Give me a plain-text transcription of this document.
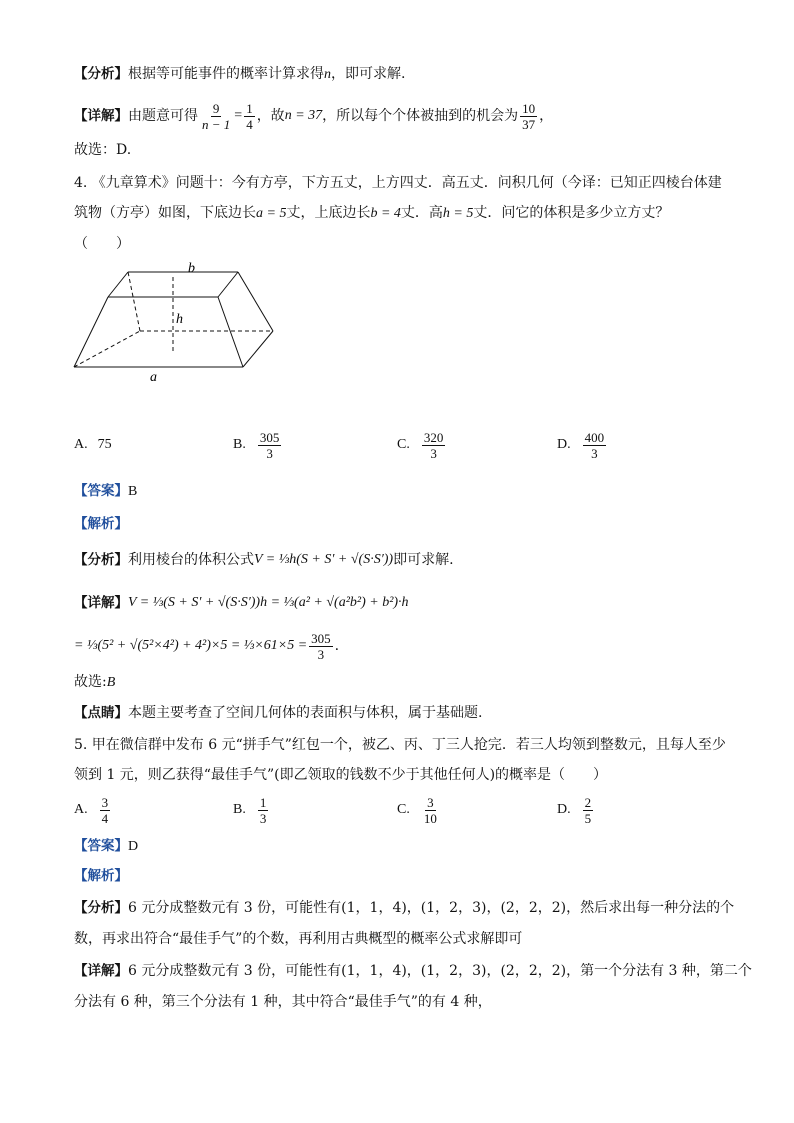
【分析】根据等可能事件的概率计算求得n，即可求解.
【详解】 由题意可得 $\frac{9}{n - 1} = \frac{1}{4}$ ，故 n = 37 ，所以每个个体被抽到的机会为 $\frac{10}{37}$ ，
故选：D.
4. 《九章算术》问题十：今有方亭，下方五丈，上方四丈．高五丈．问积几何（今译：已知正四棱台体建
筑物（方亭）如图，下底边长a = 5丈，上底边长b = 4丈．高h = 5丈．问它的体积是多少立方丈？
（　　）
b
h
a
A. 75	B. $\frac{305}{3}$	C. $\frac{320}{3}$	D. $\frac{400}{3}$
【答案】B
【解析】
【分析】 利用棱台的体积公式 V = ⅓h(S + S′ + √(S·S′)) 即可求解.
【详解】 V = ⅓(S + S′ + √(S·S′))h = ⅓(a² + √(a²b²) + b²)·h
= ⅓(5² + √(5²×4²) + 4²)×5 = ⅓×61×5 = $\frac{305}{3}$ .
故选:B
【点睛】本题主要考查了空间几何体的表面积与体积，属于基础题.
5. 甲在微信群中发布 6 元“拼手气”红包一个，被乙、丙、丁三人抢完．若三人均领到整数元，且每人至少
领到 1 元，则乙获得“最佳手气”(即乙领取的钱数不少于其他任何人)的概率是（　　）
A. $\frac{3}{4}$	B. $\frac{1}{3}$	C. $\frac{3}{10}$	D. $\frac{2}{5}$
【答案】D
【解析】
【分析】6 元分成整数元有 3 份，可能性有(1，1，4)，(1，2，3)，(2，2，2)，然后求出每一种分法的个
数，再求出符合“最佳手气”的个数，再利用古典概型的概率公式求解即可
【详解】6 元分成整数元有 3 份，可能性有(1，1，4)，(1，2，3)，(2，2，2)，第一个分法有 3 种，第二个
分法有 6 种，第三个分法有 1 种，其中符合“最佳手气”的有 4 种，
